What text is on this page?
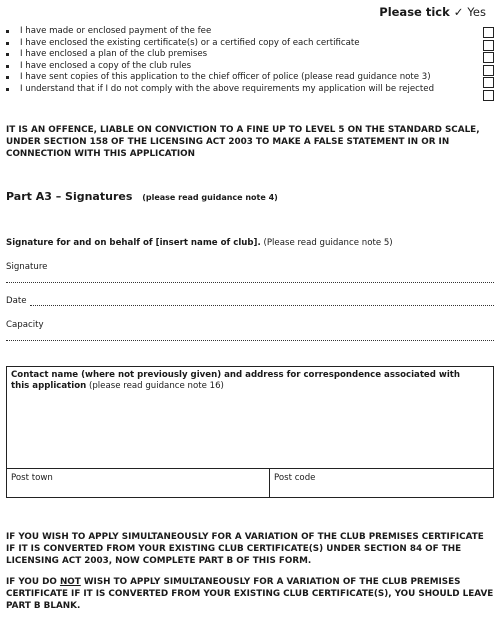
Please tick ✓ Yes
I have made or enclosed payment of the fee
I have enclosed the existing certificate(s) or a certified copy of each certificate
I have enclosed a plan of the club premises
I have enclosed a copy of the club rules
I have sent copies of this application to the chief officer of police (please read guidance note 3)
I understand that if I do not comply with the above requirements my application will be rejected
IT IS AN OFFENCE, LIABLE ON CONVICTION TO A FINE UP TO LEVEL 5 ON THE STANDARD SCALE, UNDER SECTION 158 OF THE LICENSING ACT 2003 TO MAKE A FALSE STATEMENT IN OR IN CONNECTION WITH THIS APPLICATION
Part A3 – Signatures (please read guidance note 4)
Signature for and on behalf of [insert name of club]. (Please read guidance note 5)
Signature
Date
Capacity
Contact name (where not previously given) and address for correspondence associated with this application (please read guidance note 16)
Post town	Post code
IF YOU WISH TO APPLY SIMULTANEOUSLY FOR A VARIATION OF THE CLUB PREMISES CERTIFICATE IF IT IS CONVERTED FROM YOUR EXISTING CLUB CERTIFICATE(S) UNDER SECTION 84 OF THE LICENSING ACT 2003, NOW COMPLETE PART B OF THIS FORM.
IF YOU DO NOT WISH TO APPLY SIMULTANEOUSLY FOR A VARIATION OF THE CLUB PREMISES CERTIFICATE IF IT IS CONVERTED FROM YOUR EXISTING CLUB CERTIFICATE(S), YOU SHOULD LEAVE PART B BLANK.
